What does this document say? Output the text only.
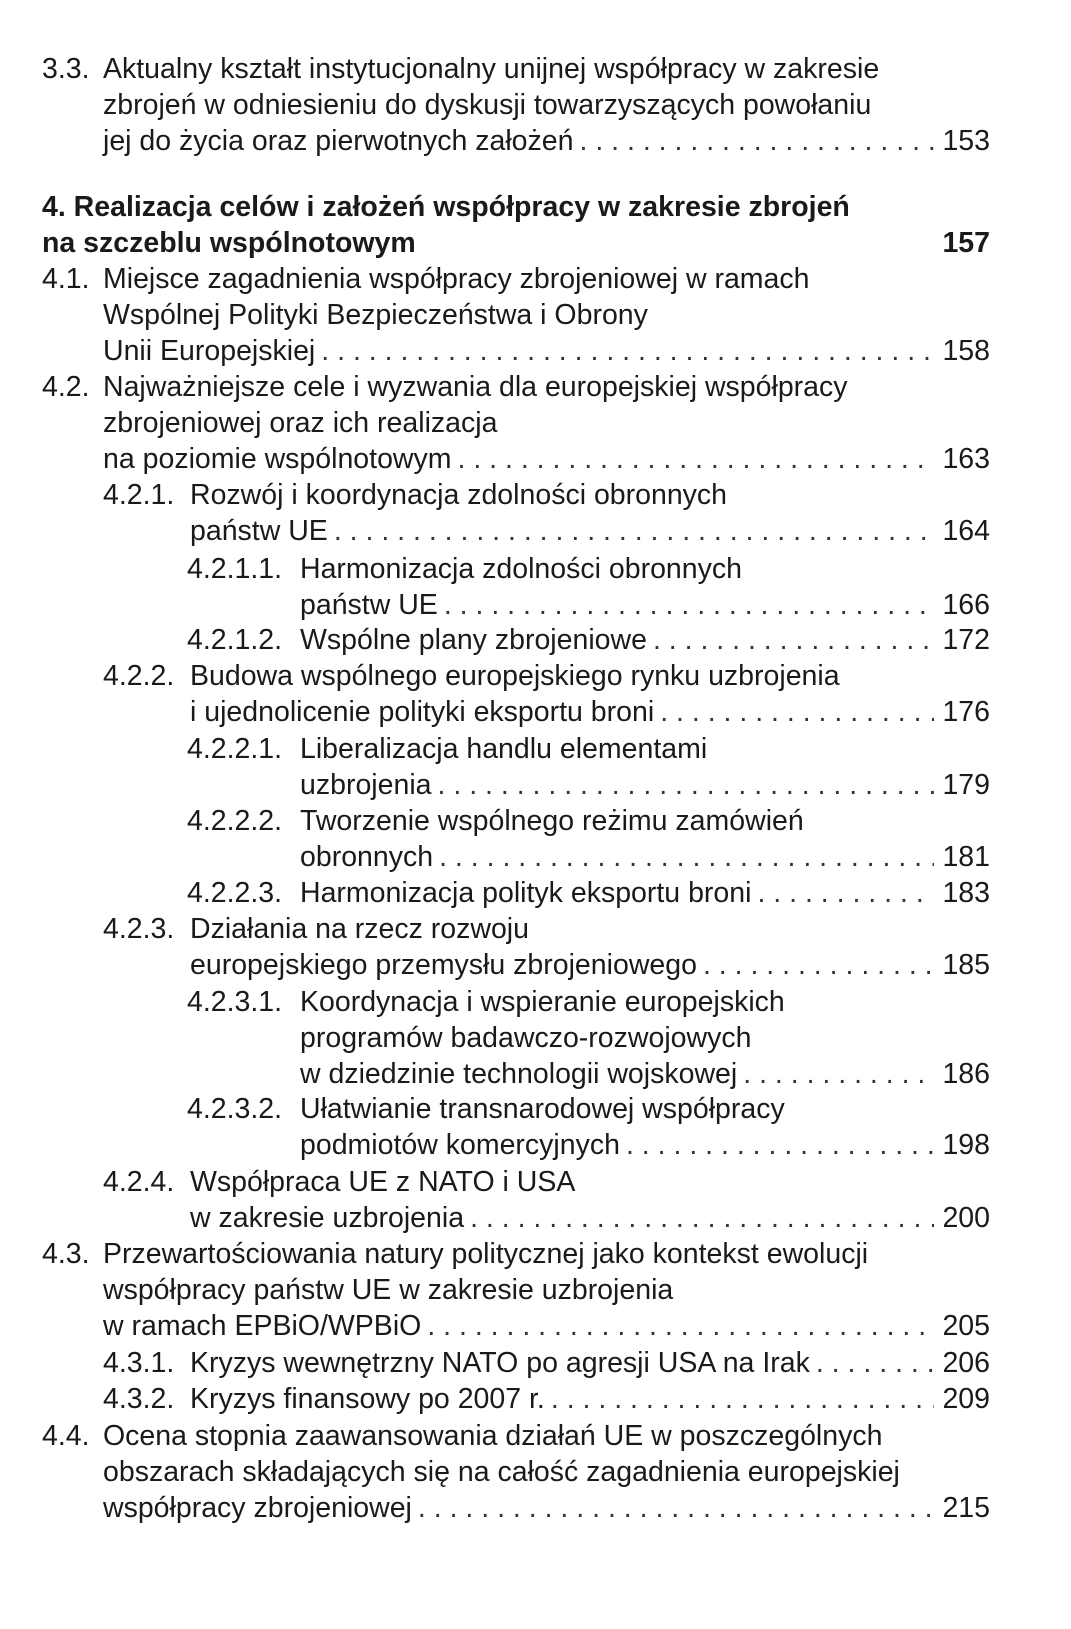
3.3. Aktualny kształt instytucjonalny unijnej współpracy w zakresie
zbrojeń w odniesieniu do dyskusji towarzyszących powołaniu
jej do życia oraz pierwotnych założeń . . .	153
4. Realizacja celów i założeń współpracy w zakresie zbrojeń
na szczeblu wspólnotowym	157
4.1. Miejsce zagadnienia współpracy zbrojeniowej w ramach
Wspólnej Polityki Bezpieczeństwa i Obrony
Unii Europejskiej . . .	158
4.2. Najważniejsze cele i wyzwania dla europejskiej współpracy
zbrojeniowej oraz ich realizacja
na poziomie wspólnotowym . . .	163
4.2.1. Rozwój i koordynacja zdolności obronnych
państw UE . . .	164
4.2.1.1. Harmonizacja zdolności obronnych
państw UE . . .	166
4.2.1.2. Wspólne plany zbrojeniowe . . .	172
4.2.2. Budowa wspólnego europejskiego rynku uzbrojenia
i ujednolicenie polityki eksportu broni . . .	176
4.2.2.1. Liberalizacja handlu elementami
uzbrojenia . . .	179
4.2.2.2. Tworzenie wspólnego reżimu zamówień
obronnych . . .	181
4.2.2.3. Harmonizacja polityk eksportu broni . . .	183
4.2.3. Działania na rzecz rozwoju
europejskiego przemysłu zbrojeniowego . . .	185
4.2.3.1. Koordynacja i wspieranie europejskich
programów badawczo-rozwojowych
w dziedzinie technologii wojskowej . . .	186
4.2.3.2. Ułatwianie transnarodowej współpracy
podmiotów komercyjnych . . .	198
4.2.4. Współpraca UE z NATO i USA
w zakresie uzbrojenia . . .	200
4.3. Przewartościowania natury politycznej jako kontekst ewolucji
współpracy państw UE w zakresie uzbrojenia
w ramach EPBiO/WPBiO . . .	205
4.3.1. Kryzys wewnętrzny NATO po agresji USA na Irak . . .	206
4.3.2. Kryzys finansowy po 2007 r. . . .	209
4.4. Ocena stopnia zaawansowania działań UE w poszczególnych
obszarach składających się na całość zagadnienia europejskiej
współpracy zbrojeniowej . . .	215
